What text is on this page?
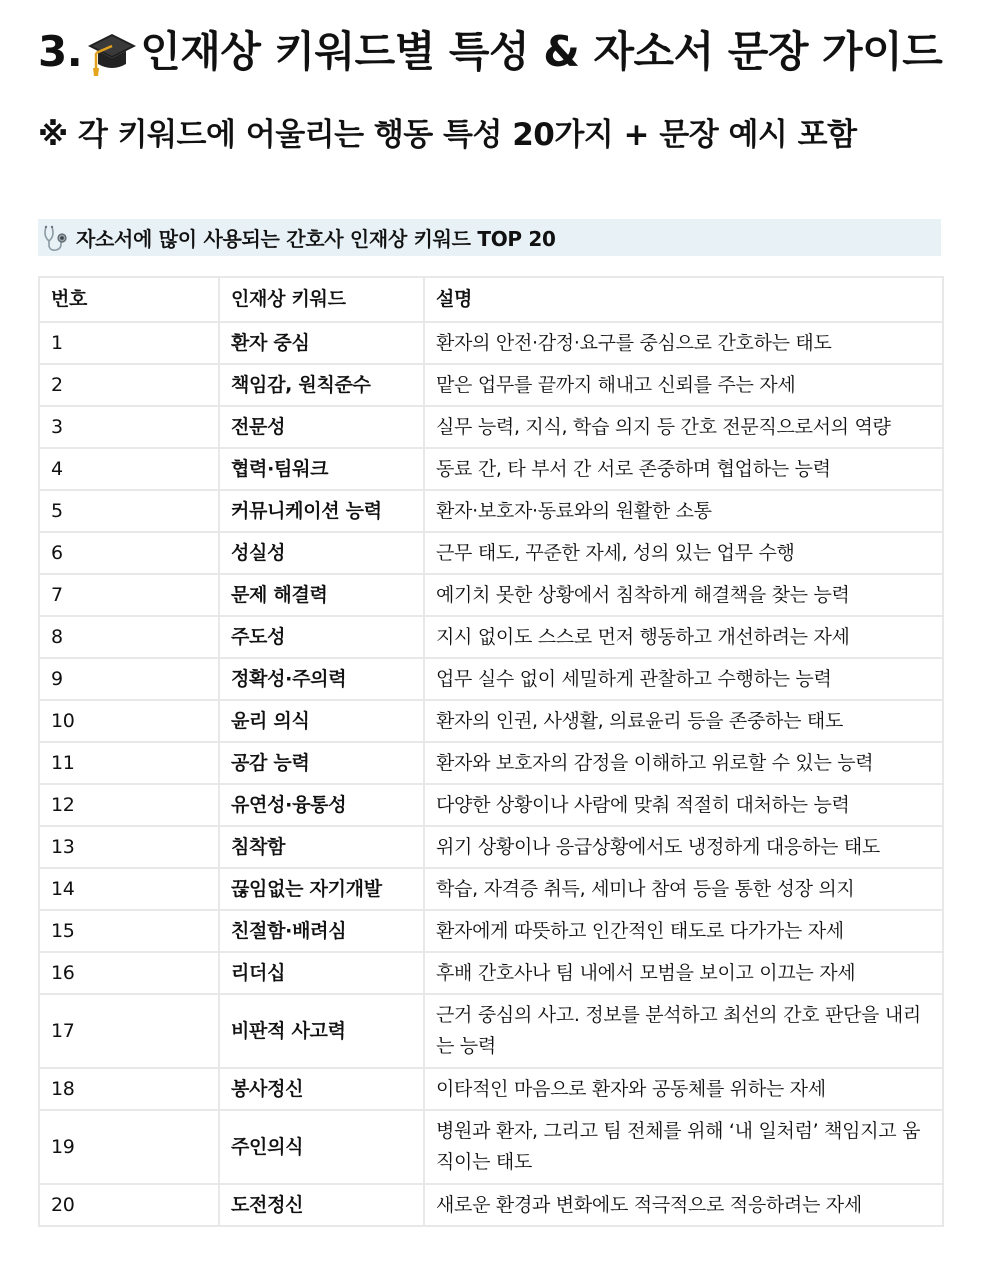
3. 인재상 키워드별 특성 & 자소서 문장 가이드
※ 각 키워드에 어울리는 행동 특성 20가지 + 문장 예시 포함
자소서에 많이 사용되는 간호사 인재상 키워드 TOP 20
번호	인재상 키워드	설명
1	환자 중심	환자의 안전·감정·요구를 중심으로 간호하는 태도
2	책임감, 원칙준수	맡은 업무를 끝까지 해내고 신뢰를 주는 자세
3	전문성	실무 능력, 지식, 학습 의지 등 간호 전문직으로서의 역량
4	협력·팀워크	동료 간, 타 부서 간 서로 존중하며 협업하는 능력
5	커뮤니케이션 능력	환자·보호자·동료와의 원활한 소통
6	성실성	근무 태도, 꾸준한 자세, 성의 있는 업무 수행
7	문제 해결력	예기치 못한 상황에서 침착하게 해결책을 찾는 능력
8	주도성	지시 없이도 스스로 먼저 행동하고 개선하려는 자세
9	정확성·주의력	업무 실수 없이 세밀하게 관찰하고 수행하는 능력
10	윤리 의식	환자의 인권, 사생활, 의료윤리 등을 존중하는 태도
11	공감 능력	환자와 보호자의 감정을 이해하고 위로할 수 있는 능력
12	유연성·융통성	다양한 상황이나 사람에 맞춰 적절히 대처하는 능력
13	침착함	위기 상황이나 응급상황에서도 냉정하게 대응하는 태도
14	끊임없는 자기개발	학습, 자격증 취득, 세미나 참여 등을 통한 성장 의지
15	친절함·배려심	환자에게 따뜻하고 인간적인 태도로 다가가는 자세
16	리더십	후배 간호사나 팀 내에서 모범을 보이고 이끄는 자세
17	비판적 사고력	근거 중심의 사고. 정보를 분석하고 최선의 간호 판단을 내리는 능력
18	봉사정신	이타적인 마음으로 환자와 공동체를 위하는 자세
19	주인의식	병원과 환자, 그리고 팀 전체를 위해 ‘내 일처럼’ 책임지고 움직이는 태도
20	도전정신	새로운 환경과 변화에도 적극적으로 적응하려는 자세
